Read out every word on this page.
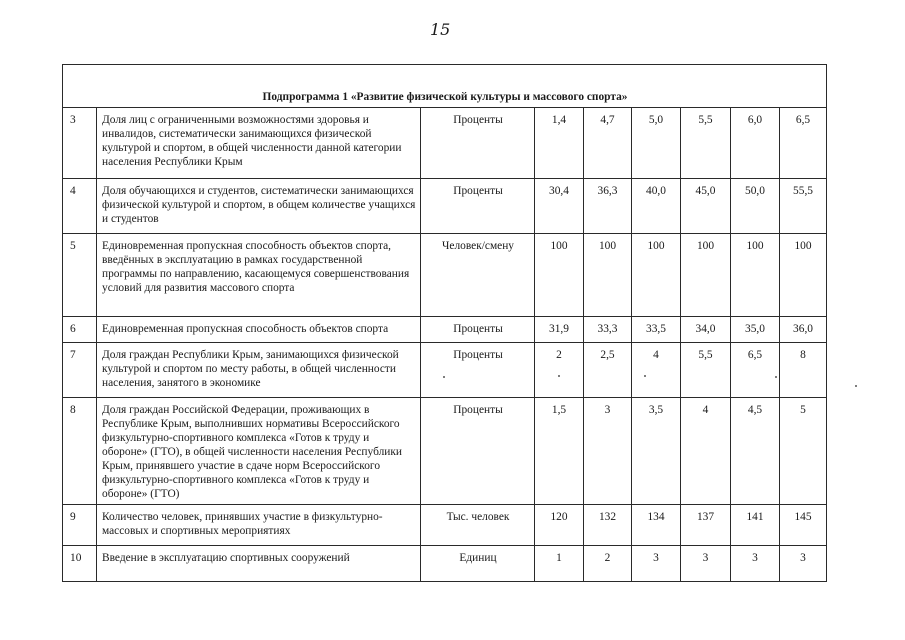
15
Подпрограмма 1 «Развитие физической культуры и массового спорта»								
3	Доля лиц с ограниченными возможностями здоровья и инвалидов, систематически занимающихся физической культурой и спортом, в общей численности данной категории населения Республики Крым	Проценты	1,4	4,7	5,0	5,5	6,0	6,5
4	Доля обучающихся и студентов, систематически занимающихся физической культурой и спортом, в общем количестве учащихся и студентов	Проценты	30,4	36,3	40,0	45,0	50,0	55,5
5	Единовременная пропускная способность объектов спорта, введённых в эксплуатацию в рамках государственной программы по направлению, касающемуся совершенствования условий для развития массового спорта	Человек/смену	100	100	100	100	100	100
6	Единовременная пропускная способность объектов спорта	Проценты	31,9	33,3	33,5	34,0	35,0	36,0
7	Доля граждан Республики Крым, занимающихся физической культурой и спортом по месту работы, в общей численности населения, занятого в экономике	Проценты	2	2,5	4	5,5	6,5	8
8	Доля граждан Российской Федерации, проживающих в Республике Крым, выполнивших нормативы Всероссийского физкультурно-спортивного комплекса «Готов к труду и обороне» (ГТО), в общей численности населения Республики Крым, принявшего участие в сдаче норм Всероссийского физкультурно-спортивного комплекса «Готов к труду и обороне» (ГТО)	Проценты	1,5	3	3,5	4	4,5	5
9	Количество человек, принявших участие в физкультурно-массовых и спортивных мероприятиях	Тыс. человек	120	132	134	137	141	145
10	Введение в эксплуатацию спортивных сооружений	Единиц	1	2	3	3	3	3
